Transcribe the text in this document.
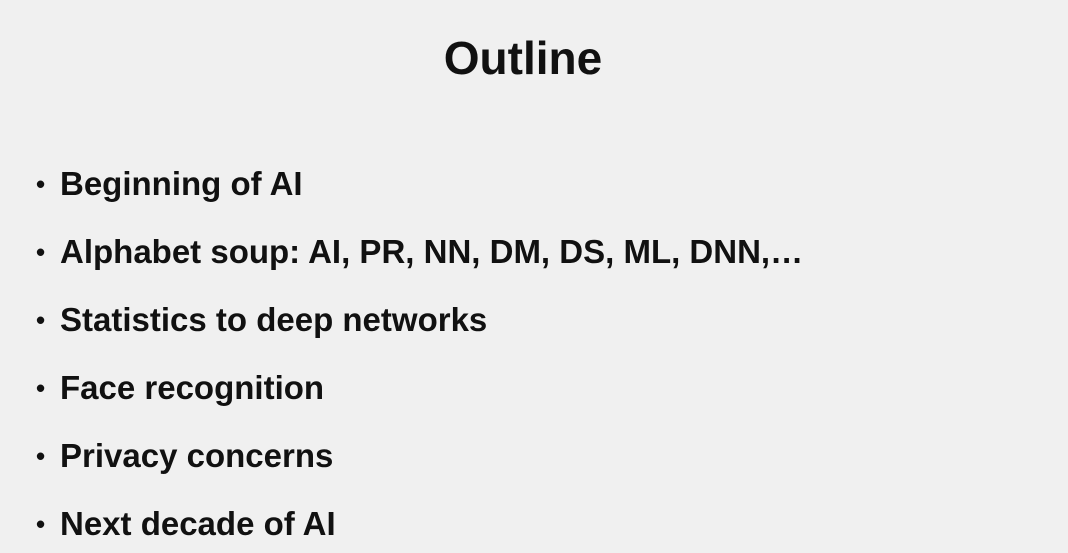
Outline
• Beginning of AI
• Alphabet soup: AI, PR, NN, DM, DS, ML, DNN,…
• Statistics to deep networks
• Face recognition
• Privacy concerns
• Next decade of AI
